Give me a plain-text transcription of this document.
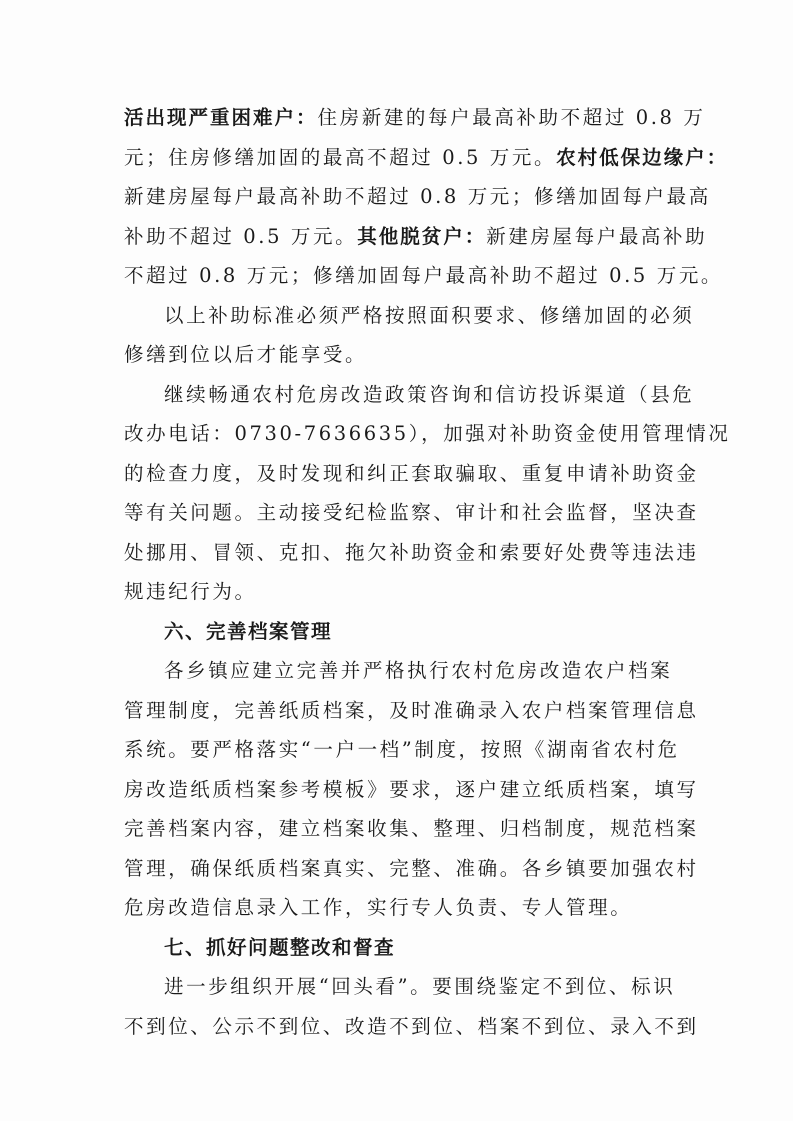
活出现严重困难户：住房新建的每户最高补助不超过 0.8 万
元；住房修缮加固的最高不超过 0.5 万元。农村低保边缘户：
新建房屋每户最高补助不超过 0.8 万元；修缮加固每户最高
补助不超过 0.5 万元。其他脱贫户：新建房屋每户最高补助
不超过 0.8 万元；修缮加固每户最高补助不超过 0.5 万元。
以上补助标准必须严格按照面积要求、修缮加固的必须
修缮到位以后才能享受。
继续畅通农村危房改造政策咨询和信访投诉渠道（县危
改办电话：0730-7636635），加强对补助资金使用管理情况
的检查力度，及时发现和纠正套取骗取、重复申请补助资金
等有关问题。主动接受纪检监察、审计和社会监督，坚决查
处挪用、冒领、克扣、拖欠补助资金和索要好处费等违法违
规违纪行为。
六、完善档案管理
各乡镇应建立完善并严格执行农村危房改造农户档案
管理制度，完善纸质档案，及时准确录入农户档案管理信息
系统。要严格落实“一户一档”制度，按照《湖南省农村危
房改造纸质档案参考模板》要求，逐户建立纸质档案，填写
完善档案内容，建立档案收集、整理、归档制度，规范档案
管理，确保纸质档案真实、完整、准确。各乡镇要加强农村
危房改造信息录入工作，实行专人负责、专人管理。
七、抓好问题整改和督查
进一步组织开展“回头看”。要围绕鉴定不到位、标识
不到位、公示不到位、改造不到位、档案不到位、录入不到
